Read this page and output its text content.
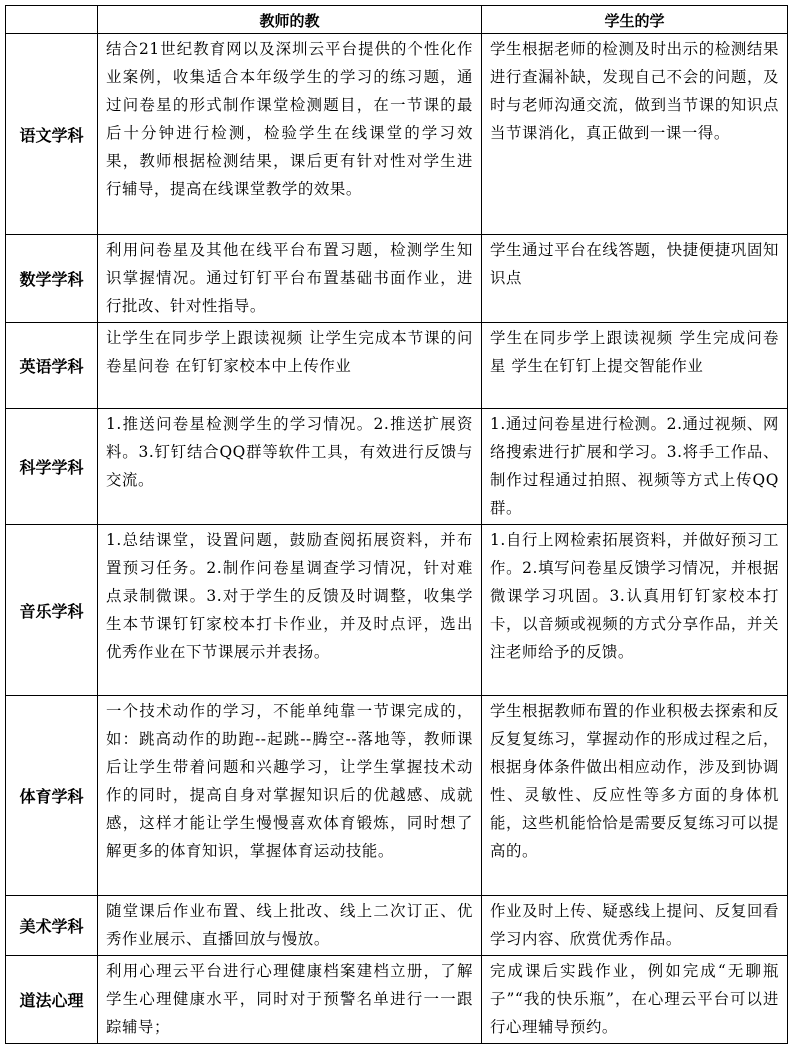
	教师的教	学生的学
语文学科	结合21世纪教育网以及深圳云平台提供的个性化作业案例，收集适合本年级学生的学习的练习题，通过问卷星的形式制作课堂检测题目，在一节课的最后十分钟进行检测，检验学生在线课堂的学习效果，教师根据检测结果，课后更有针对性对学生进行辅导，提高在线课堂教学的效果。	学生根据老师的检测及时出示的检测结果进行查漏补缺，发现自己不会的问题，及时与老师沟通交流，做到当节课的知识点当节课消化，真正做到一课一得。
数学学科	利用问卷星及其他在线平台布置习题，检测学生知识掌握情况。通过钉钉平台布置基础书面作业，进行批改、针对性指导。	学生通过平台在线答题，快捷便捷巩固知识点
英语学科	让学生在同步学上跟读视频 让学生完成本节课的问卷星问卷 在钉钉家校本中上传作业	学生在同步学上跟读视频 学生完成问卷星 学生在钉钉上提交智能作业
科学学科	1.推送问卷星检测学生的学习情况。2.推送扩展资料。3.钉钉结合QQ群等软件工具，有效进行反馈与交流。	1.通过问卷星进行检测。2.通过视频、网络搜索进行扩展和学习。3.将手工作品、制作过程通过拍照、视频等方式上传QQ群。
音乐学科	1.总结课堂，设置问题，鼓励查阅拓展资料，并布置预习任务。2.制作问卷星调查学习情况，针对难点录制微课。3.对于学生的反馈及时调整，收集学生本节课钉钉家校本打卡作业，并及时点评，选出优秀作业在下节课展示并表扬。	1.自行上网检索拓展资料，并做好预习工作。2.填写问卷星反馈学习情况，并根据微课学习巩固。3.认真用钉钉家校本打卡，以音频或视频的方式分享作品，并关注老师给予的反馈。
体育学科	一个技术动作的学习，不能单纯靠一节课完成的，如：跳高动作的助跑--起跳--腾空--落地等，教师课后让学生带着问题和兴趣学习，让学生掌握技术动作的同时，提高自身对掌握知识后的优越感、成就感，这样才能让学生慢慢喜欢体育锻炼，同时想了解更多的体育知识，掌握体育运动技能。	学生根据教师布置的作业积极去探索和反反复复练习，掌握动作的形成过程之后，根据身体条件做出相应动作，涉及到协调性、灵敏性、反应性等多方面的身体机能，这些机能恰恰是需要反复练习可以提高的。
美术学科	随堂课后作业布置、线上批改、线上二次订正、优秀作业展示、直播回放与慢放。	作业及时上传、疑惑线上提问、反复回看学习内容、欣赏优秀作品。
道法心理	利用心理云平台进行心理健康档案建档立册，了解学生心理健康水平，同时对于预警名单进行一一跟踪辅导；	完成课后实践作业，例如完成“无聊瓶子”“我的快乐瓶”，在心理云平台可以进行心理辅导预约。
